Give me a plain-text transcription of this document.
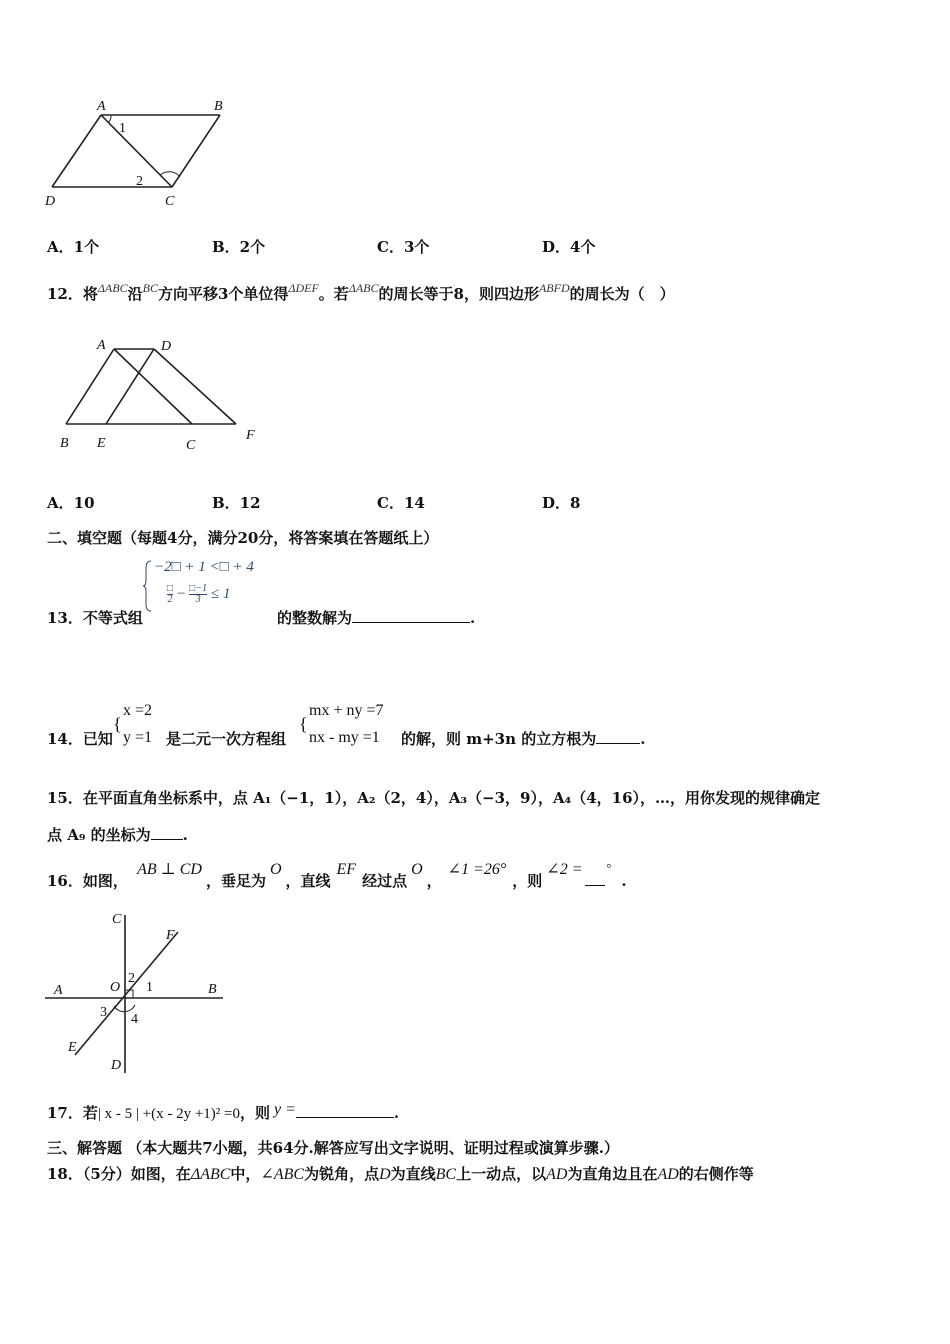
A	B
C
D
1
2
A．1个	B．2个	C．3个	D．4个
12．将$^{\Delta ABC}$沿$^{BC}$方向平移3个单位得$^{\Delta DEF}$。若$^{\Delta ABC}$的周长等于8，则四边形$^{ABFD}$的周长为（　）
A	D
B E	C
F
A．10	B．12	C．14	D．8
二、填空题（每题4分，满分20分，将答案填在答题纸上）
13．不等式组
−2□ + 1 <□ + 4
$\frac{□}{2} - \frac{□-1}{3} \le 1$
的整数解为	.
14．已知
{
x =2
y =1 是二元一次方程组
{
mx + ny =7
nx - my =1 的解，则 m+3n 的立方根为	.
15．在平面直角坐标系中，点 A₁（−1，1），A₂（2，4），A₃（−3，9），A₄（4，16），…，用你发现的规律确定
点 A₉ 的坐标为 .
16．如图， AB ⊥ CD，垂足为O，直线EF经过点O，∠1 =26°，则∠2 = °.
C
F
A	O
2
1	B
3 4
E
D
17．若| x - 5 | +(x - 2y +1)² =0，则 y =	.
三、解答题 （本大题共7小题，共64分.解答应写出文字说明、证明过程或演算步骤.）
18．（5分）如图，在ΔABC中，∠ABC为锐角，点D为直线BC上一动点，以AD为直角边且在AD的右侧作等
